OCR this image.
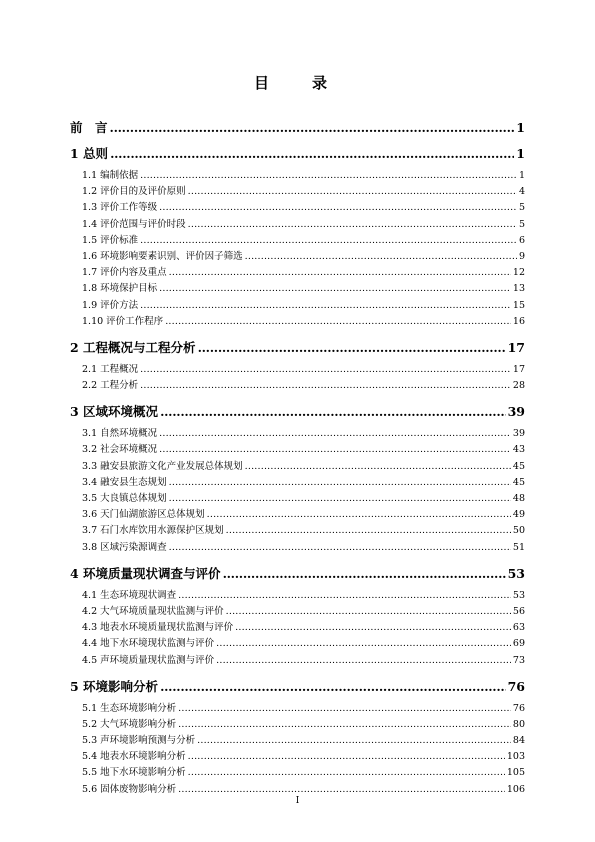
目　录
前　言 .....	1
1 总则 .....	1
1.1 编制依据 .....	1
1.2 评价目的及评价原则 .....	4
1.3 评价工作等级 .....	5
1.4 评价范围与评价时段 .....	5
1.5 评价标准 .....	6
1.6 环境影响要素识别、评价因子筛选 .....	9
1.7 评价内容及重点 .....	12
1.8 环境保护目标 .....	13
1.9 评价方法 .....	15
1.10 评价工作程序 .....	16
2 工程概况与工程分析 .....	17
2.1 工程概况 .....	17
2.2 工程分析 .....	28
3 区域环境概况 .....	39
3.1 自然环境概况 .....	39
3.2 社会环境概况 .....	43
3.3 融安县旅游文化产业发展总体规划 .....	45
3.4 融安县生态规划 .....	45
3.5 大良镇总体规划 .....	48
3.6 天门仙湖旅游区总体规划 .....	49
3.7 石门水库饮用水源保护区规划 .....	50
3.8 区域污染源调查 .....	51
4 环境质量现状调查与评价 .....	53
4.1 生态环境现状调查 .....	53
4.2 大气环境质量现状监测与评价 .....	56
4.3 地表水环境质量现状监测与评价 .....	63
4.4 地下水环境现状监测与评价 .....	69
4.5 声环境质量现状监测与评价 .....	73
5 环境影响分析 .....	76
5.1 生态环境影响分析 .....	76
5.2 大气环境影响分析 .....	80
5.3 声环境影响预测与分析 .....	84
5.4 地表水环境影响分析 .....	103
5.5 地下水环境影响分析 .....	105
5.6 固体废物影响分析 .....	106
I
